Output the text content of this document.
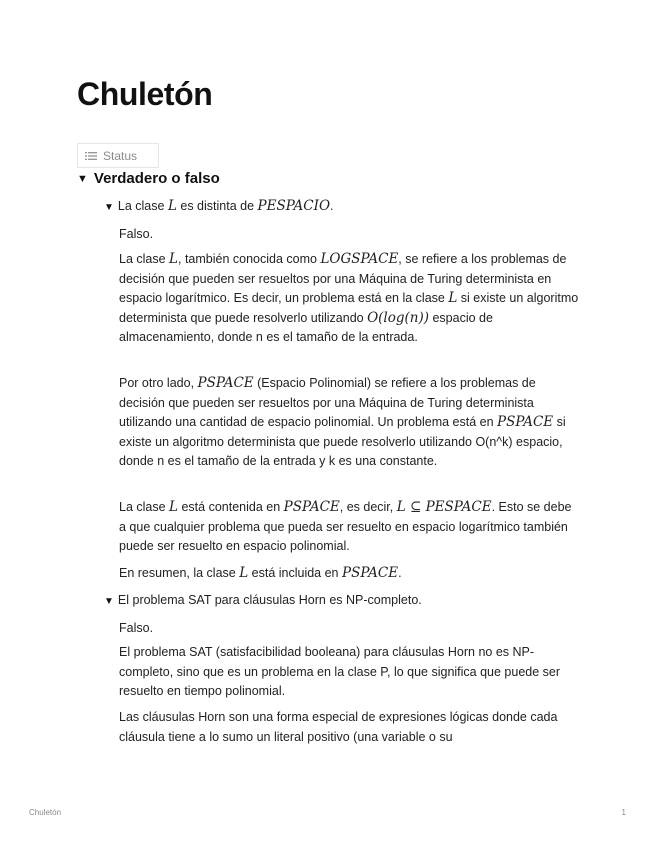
Chuletón
Status
▼ Verdadero o falso
▼ La clase L es distinta de PESPACIO.

Falso.

La clase L, también conocida como LOGSPACE, se refiere a los problemas de decisión que pueden ser resueltos por una Máquina de Turing determinista en espacio logarítmico. Es decir, un problema está en la clase L si existe un algoritmo determinista que puede resolverlo utilizando O(log(n)) espacio de almacenamiento, donde n es el tamaño de la entrada.

Por otro lado, PSPACE (Espacio Polinomial) se refiere a los problemas de decisión que pueden ser resueltos por una Máquina de Turing determinista utilizando una cantidad de espacio polinomial. Un problema está en PSPACE si existe un algoritmo determinista que puede resolverlo utilizando O(n^k) espacio, donde n es el tamaño de la entrada y k es una constante.

La clase L está contenida en PSPACE, es decir, L ⊆ PESPACE. Esto se debe a que cualquier problema que pueda ser resuelto en espacio logarítmico también puede ser resuelto en espacio polinomial.

En resumen, la clase L está incluida en PSPACE.

▼ El problema SAT para cláusulas Horn es NP-completo.

Falso.

El problema SAT (satisfacibilidad booleana) para cláusulas Horn no es NP-completo, sino que es un problema en la clase P, lo que significa que puede ser resuelto en tiempo polinomial.

Las cláusulas Horn son una forma especial de expresiones lógicas donde cada cláusula tiene a lo sumo un literal positivo (una variable o su

Chuletón	1
